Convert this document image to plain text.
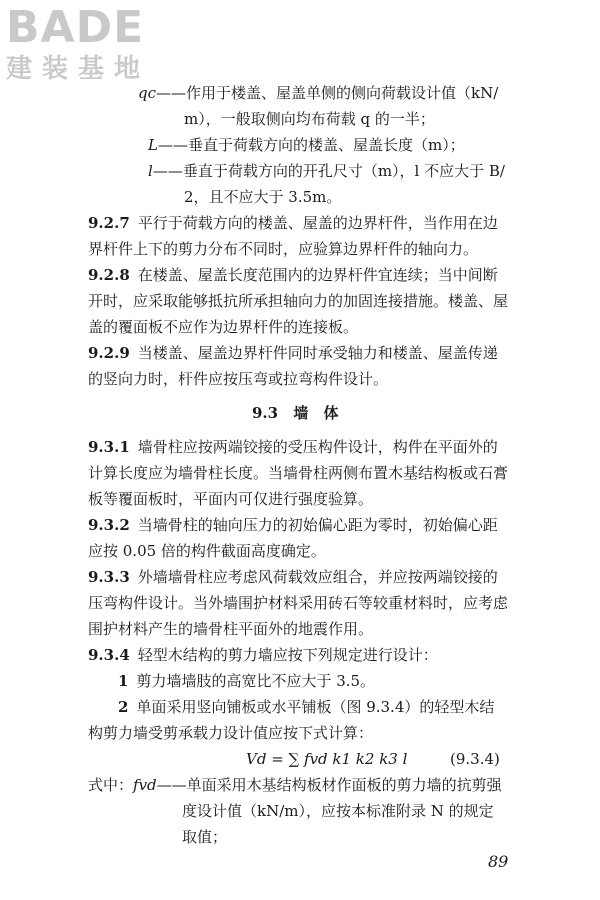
BADE
建装基地
qc——作用于楼盖、屋盖单侧的侧向荷载设计值（kN/
m），一般取侧向均布荷载 q 的一半；
L——垂直于荷载方向的楼盖、屋盖长度（m）；
l——垂直于荷载方向的开孔尺寸（m），l 不应大于 B/
2，且不应大于 3.5m。
9.2.7 平行于荷载方向的楼盖、屋盖的边界杆件，当作用在边
界杆件上下的剪力分布不同时，应验算边界杆件的轴向力。
9.2.8 在楼盖、屋盖长度范围内的边界杆件宜连续；当中间断
开时，应采取能够抵抗所承担轴向力的加固连接措施。楼盖、屋
盖的覆面板不应作为边界杆件的连接板。
9.2.9 当楼盖、屋盖边界杆件同时承受轴力和楼盖、屋盖传递
的竖向力时，杆件应按压弯或拉弯构件设计。
9.3 墙 体
9.3.1 墙骨柱应按两端铰接的受压构件设计，构件在平面外的
计算长度应为墙骨柱长度。当墙骨柱两侧布置木基结构板或石膏
板等覆面板时，平面内可仅进行强度验算。
9.3.2 当墙骨柱的轴向压力的初始偏心距为零时，初始偏心距
应按 0.05 倍的构件截面高度确定。
9.3.3 外墙墙骨柱应考虑风荷载效应组合，并应按两端铰接的
压弯构件设计。当外墙围护材料采用砖石等较重材料时，应考虑
围护材料产生的墙骨柱平面外的地震作用。
9.3.4 轻型木结构的剪力墙应按下列规定进行设计：
1 剪力墙墙肢的高宽比不应大于 3.5。
2 单面采用竖向铺板或水平铺板（图 9.3.4）的轻型木结
构剪力墙受剪承载力设计值应按下式计算：
Vd = ∑ fvd k1 k2 k3 l	(9.3.4)
式中：fvd——单面采用木基结构板材作面板的剪力墙的抗剪强
度设计值（kN/m），应按本标准附录 N 的规定
取值；
89
